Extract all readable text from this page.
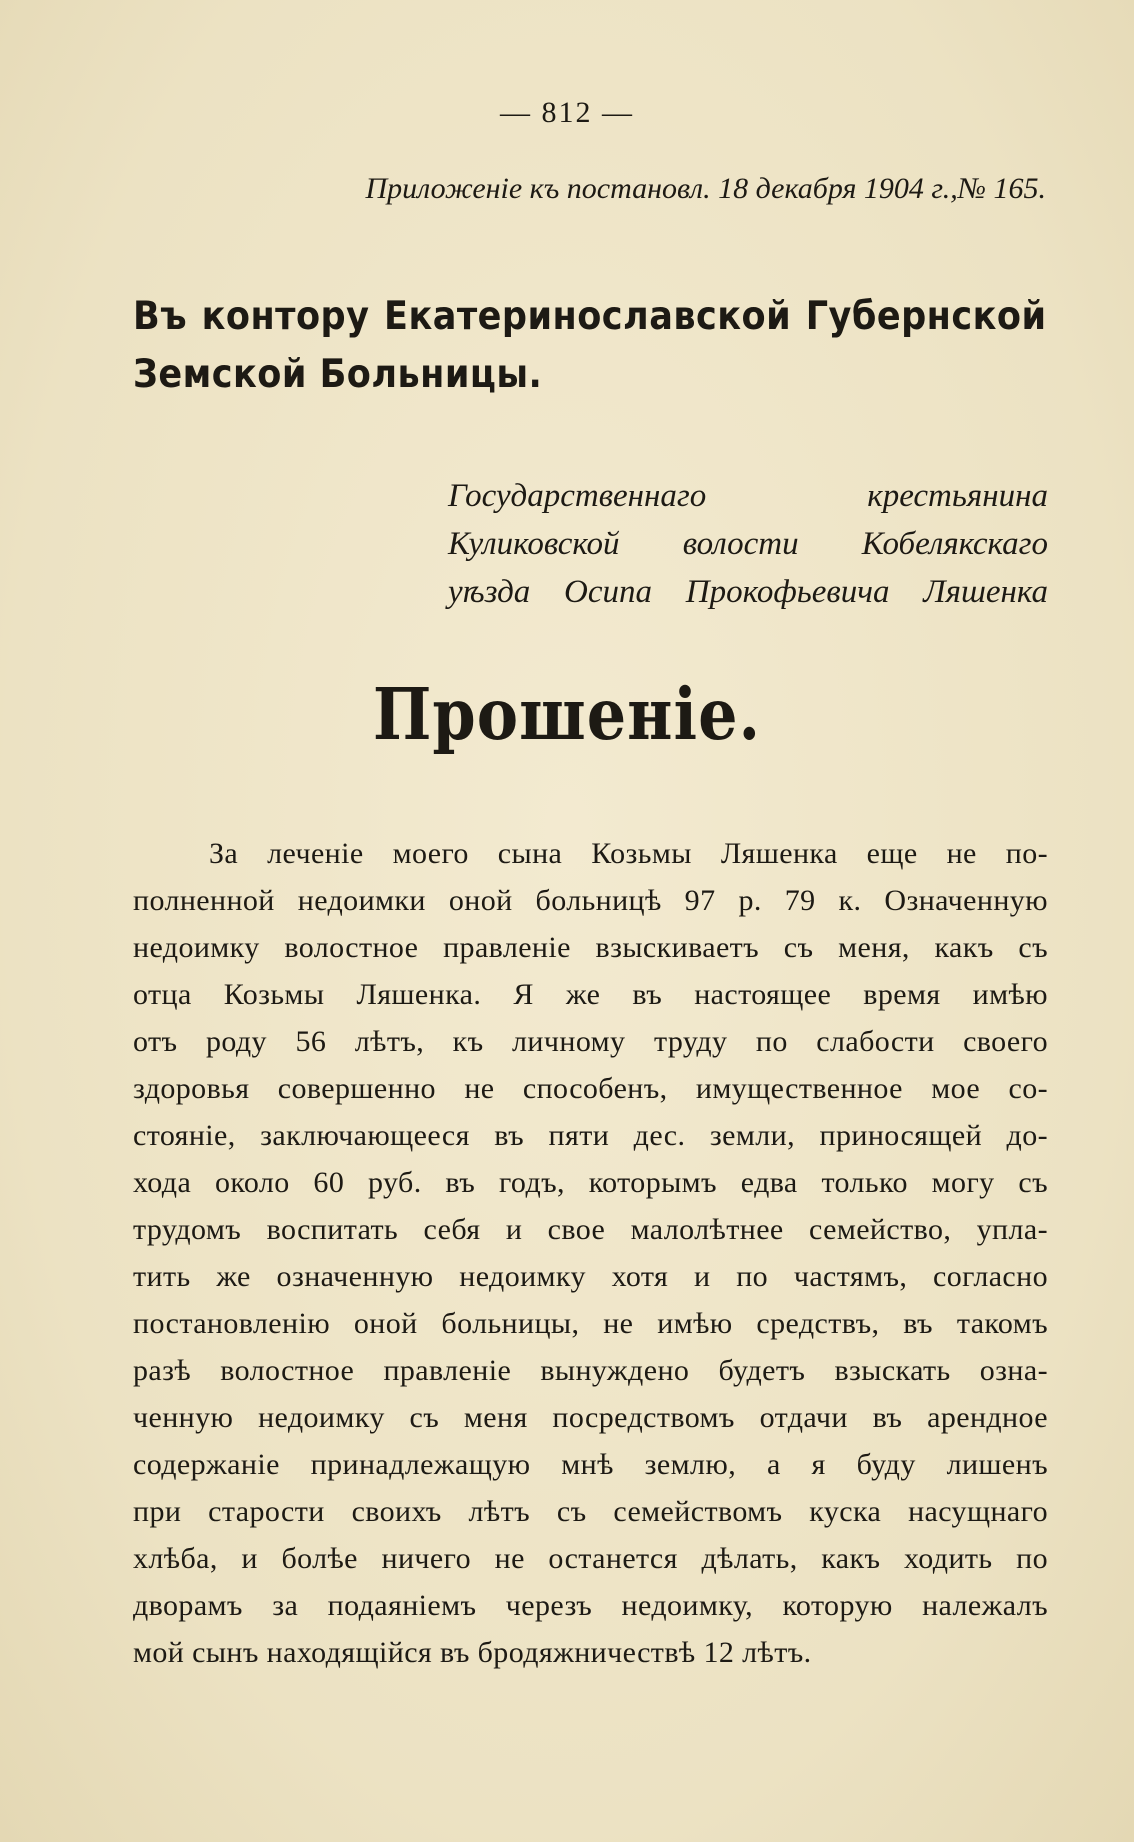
— 812 —
Приложеніе къ постановл. 18 декабря 1904 г.,№ 165.
Въ контору Екатеринославской Губернской Земской Больницы.
Государственнаго крестьянина
Куликовской волости Кобелякскаго
уѣзда Осипа Прокофьевича Ляшенка
Прошеніе.
За леченіе моего сына Козьмы Ляшенка еще не по-
полненной недоимки оной больницѣ 97 р. 79 к. Означенную
недоимку волостное правленіе взыскиваетъ съ меня, какъ съ
отца Козьмы Ляшенка. Я же въ настоящее время имѣю
отъ роду 56 лѣтъ, къ личному труду по слабости своего
здоровья совершенно не способенъ, имущественное мое со-
стояніе, заключающееся въ пяти дес. земли, приносящей до-
хода около 60 руб. въ годъ, которымъ едва только могу съ
трудомъ воспитать себя и свое малолѣтнее семейство, упла-
тить же означенную недоимку хотя и по частямъ, согласно
постановленію оной больницы, не имѣю средствъ, въ такомъ
разѣ волостное правленіе вынуждено будетъ взыскать озна-
ченную недоимку съ меня посредствомъ отдачи въ арендное
содержаніе принадлежащую мнѣ землю, а я буду лишенъ
при старости своихъ лѣтъ съ семействомъ куска насущнаго
хлѣба, и болѣе ничего не останется дѣлать, какъ ходить по
дворамъ за подаяніемъ черезъ недоимку, которую належалъ
мой сынъ находящійся въ бродяжничествѣ 12 лѣтъ.
